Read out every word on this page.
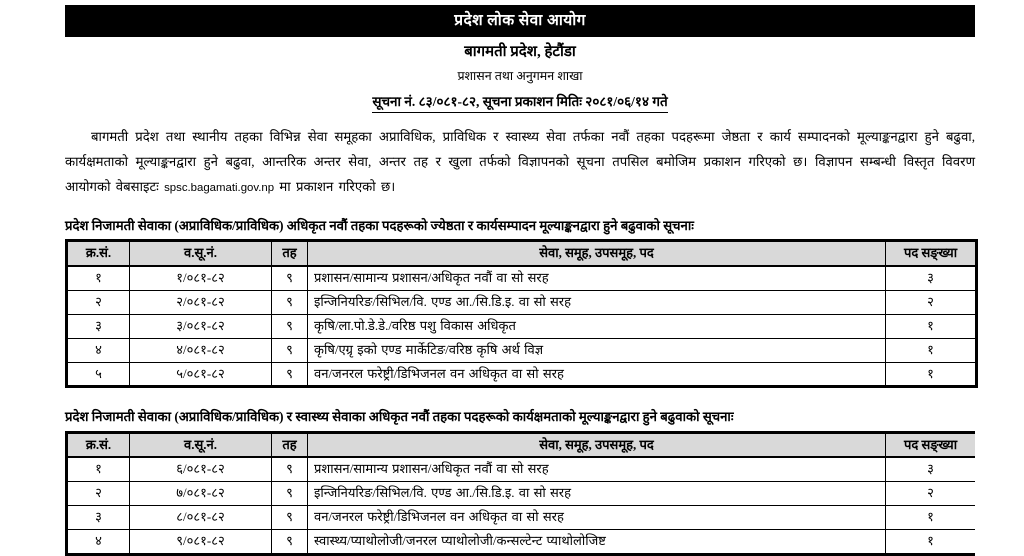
प्रदेश लोक सेवा आयोग
बागमती प्रदेश, हेटौंडा
प्रशासन तथा अनुगमन शाखा
सूचना नं. ८३/०८१-८२, सूचना प्रकाशन मितिः २०८१/०६/१४ गते

बागमती प्रदेश तथा स्थानीय तहका विभिन्न सेवा समूहका अप्राविधिक, प्राविधिक र स्वास्थ्य सेवा तर्फका नवौं तहका पदहरूमा जेष्ठता र कार्य सम्पादनको मूल्याङ्कनद्वारा हुने बढुवा, कार्यक्षमताको मूल्याङ्कनद्वारा हुने बढुवा, आन्तरिक अन्तर सेवा, अन्तर तह र खुला तर्फको विज्ञापनको सूचना तपसिल बमोजिम प्रकाशन गरिएको छ। विज्ञापन सम्बन्धी विस्तृत विवरण आयोगको वेबसाइटः spsc.bagamati.gov.np मा प्रकाशन गरिएको छ।

प्रदेश निजामती सेवाका (अप्राविधिक/प्राविधिक) अधिकृत नवौं तहका पदहरूको ज्येष्ठता र कार्यसम्पादन मूल्याङ्कनद्वारा हुने बढुवाको सूचनाः
क्र.सं.	व.सू.नं.	तह	सेवा, समूह, उपसमूह, पद	पद सङ्ख्या
१	१/०८१-८२	९	प्रशासन/सामान्य प्रशासन/अधिकृत नवौं वा सो सरह	३
२	२/०८१-८२	९	इन्जिनियरिङ/सिभिल/वि. एण्ड आ./सि.डि.इ. वा सो सरह	२
३	३/०८१-८२	९	कृषि/ला.पो.डे.डे./वरिष्ठ पशु विकास अधिकृत	१
४	४/०८१-८२	९	कृषि/एग्रृ इको एण्ड मार्केटिङ/वरिष्ठ कृषि अर्थ विज्ञ	१
५	५/०८१-८२	९	वन/जनरल फरेष्ट्री/डिभिजनल वन अधिकृत वा सो सरह	१
प्रदेश निजामती सेवाका (अप्राविधिक/प्राविधिक) र स्वास्थ्य सेवाका अधिकृत नवौं तहका पदहरूको कार्यक्षमताको मूल्याङ्कनद्वारा हुने बढुवाको सूचनाः
क्र.सं.	व.सू.नं.	तह	सेवा, समूह, उपसमूह, पद	पद सङ्ख्या
१	६/०८१-८२	९	प्रशासन/सामान्य प्रशासन/अधिकृत नवौं वा सो सरह	३
२	७/०८१-८२	९	इन्जिनियरिङ/सिभिल/वि. एण्ड आ./सि.डि.इ. वा सो सरह	२
३	८/०८१-८२	९	वन/जनरल फरेष्ट्री/डिभिजनल वन अधिकृत वा सो सरह	१
४	९/०८१-८२	९	स्वास्थ्य/प्याथोलोजी/जनरल प्याथोलोजी/कन्सल्टेन्ट प्याथोलोजिष्ट	१
